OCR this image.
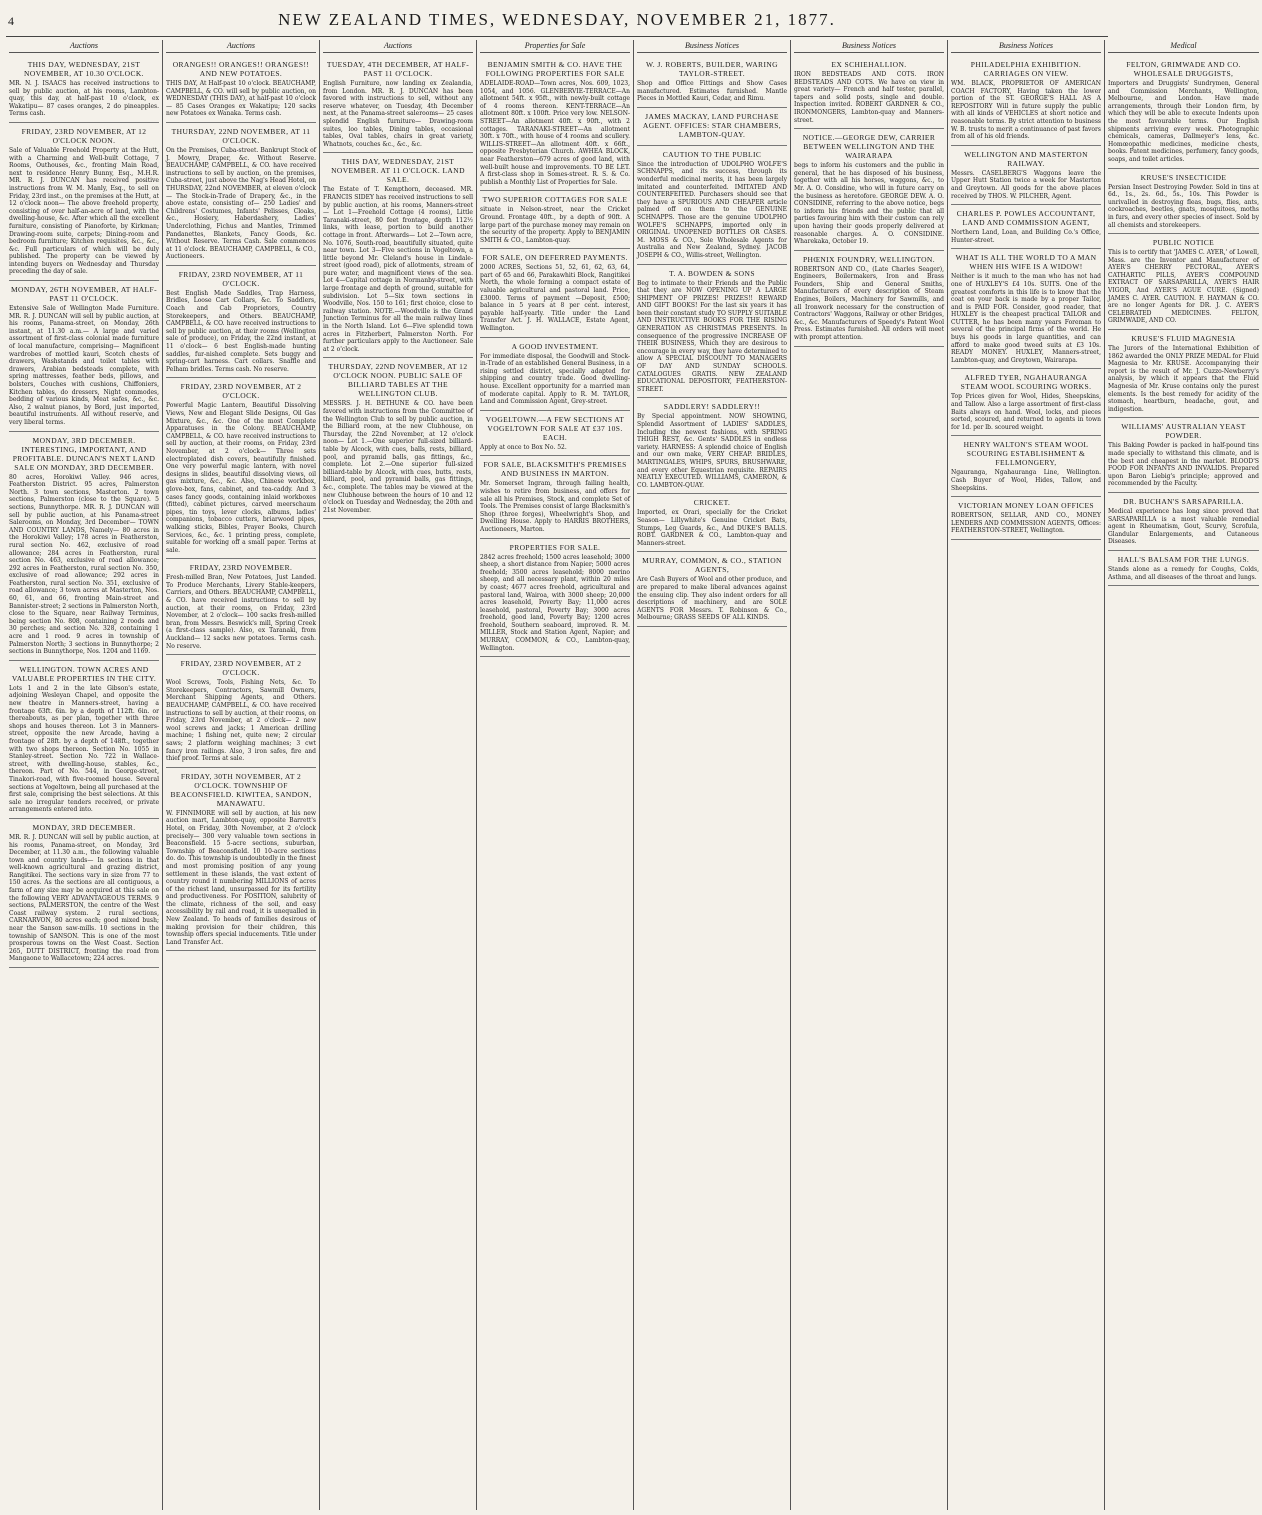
4	NEW ZEALAND TIMES, WEDNESDAY, NOVEMBER 21, 1877.
Auctions
THIS DAY, WEDNESDAY, 21ST NOVEMBER, AT 10.30 O'CLOCK.
MR. N. J. ISAACS has received instructions to sell by public auction, at his rooms, Lambton-quay, this day, at half-past 10 o'clock, ex Wakatipu— 87 cases oranges, 2 do pineapples. Terms cash.
FRIDAY, 23RD NOVEMBER, AT 12 O'CLOCK NOON.
Sale of Valuable Freehold Property at the Hutt, with a Charming and Well-built Cottage, 7 Rooms, Outhouses, &c., fronting Main Road, next to residence Henry Bunny, Esq., M.H.R. MR. R. J. DUNCAN has received positive instructions from W. M. Manly, Esq., to sell on Friday, 23rd inst., on the premises at the Hutt, at 12 o'clock noon— The above freehold property, consisting of over half-an-acre of land, with the dwelling-house, &c. After which all the excellent furniture, consisting of Pianoforte, by Kirkman; Drawing-room suite, carpets; Dining-room and bedroom furniture; Kitchen requisites, &c., &c., &c. Full particulars of which will be duly published. The property can be viewed by intending buyers on Wednesday and Thursday preceding the day of sale.
MONDAY, 26TH NOVEMBER, AT HALF-PAST 11 O'CLOCK.
Extensive Sale of Wellington Made Furniture. MR. R. J. DUNCAN will sell by public auction, at his rooms, Panama-street, on Monday, 26th instant, at 11.30 a.m.— A large and varied assortment of first-class colonial made furniture of local manufacture, comprising— Magnificent wardrobes of mottled kauri, Scotch chests of drawers, Washstands and toilet tables with drawers, Arabian bedsteads complete, with spring mattresses, feather beds, pillows, and bolsters, Couches with cushions, Chiffoniers, Kitchen tables, do dressers, Night commodes, bedding of various kinds, Meat safes, &c., &c. Also, 2 walnut pianos, by Bord, just imported, beautiful instruments. All without reserve, and very liberal terms.
MONDAY, 3RD DECEMBER. INTERESTING, IMPORTANT, AND PROFITABLE. DUNCAN'S NEXT LAND SALE ON MONDAY, 3RD DECEMBER.
80 acres, Horokiwi Valley. 946 acres, Featherston District. 95 acres, Palmerston North. 3 town sections, Masterton. 2 town sections, Palmerston (close to the Square). 5 sections, Bunnythorpe. MR. R. J. DUNCAN will sell by public auction, at his Panama-street Salerooms, on Monday, 3rd December— TOWN AND COUNTRY LANDS, Namely— 80 acres in the Horokiwi Valley; 178 acres in Featherston, rural section No. 462, exclusive of road allowance; 284 acres in Featherston, rural section No. 463, exclusive of road allowance; 292 acres in Featherston, rural section No. 350, exclusive of road allowance; 292 acres in Featherston, rural section No. 351, exclusive of road allowance; 3 town acres at Masterton, Nos. 60, 61, and 66, fronting Main-street and Bannister-street; 2 sections in Palmerston North, close to the Square, near Railway Terminus, being section No. 808, containing 2 roods and 30 perches; and section No. 328, containing 1 acre and 1 rood. 9 acres in township of Palmerston North; 3 sections in Bunnythorpe; 2 sections in Bunnythorpe, Nos. 1204 and 1169.
WELLINGTON. TOWN ACRES AND VALUABLE PROPERTIES IN THE CITY.
Lots 1 and 2 in the late Gibson's estate, adjoining Wesleyan Chapel, and opposite the new theatre in Manners-street, having a frontage 63ft. 6in. by a depth of 112ft. 6in. or thereabouts, as per plan, together with three shops and houses thereon. Lot 3 in Manners-street, opposite the new Arcade, having a frontage of 28ft. by a depth of 148ft., together with two shops thereon. Section No. 1055 in Stanley-street. Section No. 722 in Wallace-street, with dwelling-house, stables, &c., thereon. Part of No. 544, in George-street, Tinakori-road, with five-roomed house. Several sections at Vogeltown, being all purchased at the first sale, comprising the best selections. At this sale no irregular tenders received, or private arrangements entered into.
MONDAY, 3RD DECEMBER.
MR. R. J. DUNCAN will sell by public auction, at his rooms, Panama-street, on Monday, 3rd December, at 11.30 a.m., the following valuable town and country lands— In sections in that well-known agricultural and grazing district, Rangitikei. The sections vary in size from 77 to 150 acres. As the sections are all contiguous, a farm of any size may be acquired at this sale on the following VERY ADVANTAGEOUS TERMS. 9 sections, PALMERSTON, the centre of the West Coast railway system. 2 rural sections, CARNARVON, 80 acres each; good mixed bush; near the Sanson saw-mills. 10 sections in the township of SANSON. This is one of the most prosperous towns on the West Coast. Section 265, DUTT DISTRICT, fronting the road from Mangaone to Wallacetown; 224 acres.
Auctions
ORANGES!! ORANGES!! ORANGES!! AND NEW POTATOES.
THIS DAY, At Half-past 10 o'clock. BEAUCHAMP, CAMPBELL, & CO. will sell by public auction, on WEDNESDAY (THIS DAY), at half-past 10 o'clock— 85 Cases Oranges ex Wakatipu; 120 sacks new Potatoes ex Wanaka. Terms cash.
THURSDAY, 22ND NOVEMBER, AT 11 O'CLOCK.
On the Premises, Cuba-street. Bankrupt Stock of J. Mowry, Draper, &c. Without Reserve. BEAUCHAMP, CAMPBELL, & CO. have received instructions to sell by auction, on the premises, Cuba-street, just above the Nag's Head Hotel, on THURSDAY, 22nd NOVEMBER, at eleven o'clock— The Stock-in-Trade of Drapery, &c., in the above estate, consisting of— 250 Ladies' and Childrens' Costumes, Infants' Pelisses, Cloaks, &c., Hosiery, Haberdashery, Ladies' Underclothing, Fichus and Mantles, Trimmed Pandanettes, Blankets, Fancy Goods, &c. Without Reserve. Terms Cash. Sale commences at 11 o'clock. BEAUCHAMP, CAMPBELL, & CO., Auctioneers.
FRIDAY, 23RD NOVEMBER, AT 11 O'CLOCK.
Best English Made Saddles, Trap Harness, Bridles, Loose Cart Collars, &c. To Saddlers, Coach and Cab Proprietors, Country Storekeepers, and Others. BEAUCHAMP, CAMPBELL, & CO. have received instructions to sell by public auction, at their rooms (Wellington sale of produce), on Friday, the 22nd instant, at 11 o'clock— 6 best English-made hunting saddles, fur-nished complete. Sets buggy and spring-cart harness. Cart collars. Snaffle and Pelham bridles. Terms cash. No reserve.
FRIDAY, 23RD NOVEMBER, AT 2 O'CLOCK.
Powerful Magic Lantern, Beautiful Dissolving Views, New and Elegant Slide Designs, Oil Gas Mixture, &c., &c. One of the most Complete Apparatuses in the Colony. BEAUCHAMP, CAMPBELL, & CO. have received instructions to sell by auction, at their rooms, on Friday, 23rd November, at 2 o'clock— Three sets electroplated dish covers, beautifully finished. One very powerful magic lantern, with novel designs in slides, beautiful dissolving views, oil gas mixture, &c., &c. Also, Chinese workbox, glove-box, fans, cabinet, and tea-caddy. And 3 cases fancy goods, containing inlaid workboxes (fitted), cabinet pictures, carved meerschaum pipes, tin toys, lever clocks, albums, ladies' companions, tobacco cutters, briarwood pipes, walking sticks, Bibles, Prayer Books, Church Services, &c., &c. 1 printing press, complete, suitable for working off a small paper. Terms at sale.
FRIDAY, 23RD NOVEMBER.
Fresh-milled Bran, New Potatoes, Just Landed. To Produce Merchants, Livery Stable-keepers, Carriers, and Others. BEAUCHAMP, CAMPBELL, & CO. have received instructions to sell by auction, at their rooms, on Friday, 23rd November, at 2 o'clock— 100 sacks fresh-milled bran, from Messrs. Beswick's mill, Spring Creek (a first-class sample). Also, ex Taranaki, from Auckland— 12 sacks new potatoes. Terms cash. No reserve.
FRIDAY, 23RD NOVEMBER, AT 2 O'CLOCK.
Wool Screws, Tools, Fishing Nets, &c. To Storekeepers, Contractors, Sawmill Owners, Merchant Shipping Agents, and Others. BEAUCHAMP, CAMPBELL, & CO. have received instructions to sell by auction, at their rooms, on Friday, 23rd November, at 2 o'clock— 2 new wool screws and jacks; 1 American drilling machine; 1 fishing net, quite new; 2 circular saws; 2 platform weighing machines; 3 cwt fancy iron railings. Also, 3 iron safes, fire and thief proof. Terms at sale.
FRIDAY, 30TH NOVEMBER, AT 2 O'CLOCK. TOWNSHIP OF BEACONSFIELD. KIWITEA, SANDON, MANAWATU.
W. FINNIMORE will sell by auction, at his new auction mart, Lambton-quay, opposite Barrett's Hotel, on Friday, 30th November, at 2 o'clock precisely— 300 very valuable town sections in Beaconsfield. 15 5-acre sections, suburban, Township of Beaconsfield. 10 10-acre sections do. do. This township is undoubtedly in the finest and most promising position of any young settlement in these islands, the vast extent of country round it numbering MILLIONS of acres of the richest land, unsurpassed for its fertility and productiveness. For POSITION, salubrity of the climate, richness of the soil, and easy accessibility by rail and road, it is unequalled in New Zealand. To heads of families desirous of making provision for their children, this township offers special inducements. Title under Land Transfer Act.
Auctions
TUESDAY, 4TH DECEMBER, AT HALF-PAST 11 O'CLOCK.
English Furniture, now landing ex Zealandia, from London. MR. R. J. DUNCAN has been favored with instructions to sell, without any reserve whatever, on Tuesday, 4th December next, at the Panama-street salerooms— 25 cases splendid English furniture— Drawing-room suites, loo tables, Dining tables, occasional tables, Oval tables, chairs in great variety, Whatnots, couches &c., &c., &c.
THIS DAY, WEDNESDAY, 21ST NOVEMBER. AT 11 O'CLOCK. LAND SALE.
The Estate of T. Kempthorn, deceased. MR. FRANCIS SIDEY has received instructions to sell by public auction, at his rooms, Manners-street— Lot 1—Freehold Cottage (4 rooms), Little Taranaki-street, 80 feet frontage, depth 112½ links, with lease, portion to build another cottage in front. Afterwards— Lot 2—Town acre, No. 1076, South-road, beautifully situated, quite near town. Lot 3—Five sections in Vogeltown, a little beyond Mr. Cleland's house in Lindale-street (good road), pick of allotments, stream of pure water, and magnificent views of the sea. Lot 4—Capital cottage in Normanby-street, with large frontage and depth of ground, suitable for subdivision. Lot 5—Six town sections in Woodville, Nos. 150 to 161; first choice, close to railway station. NOTE.—Woodville is the Grand Junction Terminus for all the main railway lines in the North Island. Lot 6—Five splendid town acres in Fitzherbert, Palmerston North. For further particulars apply to the Auctioneer. Sale at 2 o'clock.
THURSDAY, 22ND NOVEMBER, AT 12 O'CLOCK NOON. PUBLIC SALE OF BILLIARD TABLES AT THE WELLINGTON CLUB.
MESSRS. J. H. BETHUNE & CO. have been favored with instructions from the Committee of the Wellington Club to sell by public auction, in the Billiard room, at the new Clubhouse, on Thursday, the 22nd November, at 12 o'clock noon— Lot 1.—One superior full-sized billiard-table by Alcock, with cues, balls, rests, billiard, pool, and pyramid balls, gas fittings, &c., complete. Lot 2.—One superior full-sized billiard-table by Alcock, with cues, butts, rests, billiard, pool, and pyramid balls, gas fittings, &c., complete. The tables may be viewed at the new Clubhouse between the hours of 10 and 12 o'clock on Tuesday and Wednesday, the 20th and 21st November.
Properties for Sale
BENJAMIN SMITH & CO. HAVE THE FOLLOWING PROPERTIES FOR SALE
ADELAIDE-ROAD—Town acres, Nos. 609, 1023, 1054, and 1056. GLENBERVIE-TERRACE—An allotment 54ft. x 95ft., with newly-built cottage of 4 rooms thereon. KENT-TERRACE—An allotment 80ft. x 100ft. Price very low. NELSON-STREET—An allotment 40ft. x 90ft., with 2 cottages. TARANAKI-STREET—An allotment 30ft. x 70ft., with house of 4 rooms and scullery. WILLIS-STREET—An allotment 40ft. x 66ft., opposite Presbyterian Church. AWHEA BLOCK, near Featherston—679 acres of good land, with well-built house and improvements. TO BE LET. A first-class shop in Somes-street. R. S. & Co. publish a Monthly List of Properties for Sale.
TWO SUPERIOR COTTAGES FOR SALE
situate in Nelson-street, near the Cricket Ground. Frontage 40ft., by a depth of 90ft. A large part of the purchase money may remain on the security of the property. Apply to BENJAMIN SMITH & CO., Lambton-quay.
FOR SALE, ON DEFERRED PAYMENTS.
2000 ACRES, Sections 51, 52, 61, 62, 63, 64, part of 65 and 66, Parakawhiti Block, Rangitikei North, the whole forming a compact estate of valuable agricultural and pastoral land. Price, £3000. Terms of payment —Deposit, £500; balance in 5 years at 8 per cent. interest, payable half-yearly. Title under the Land Transfer Act. J. H. WALLACE, Estate Agent, Wellington.
A GOOD INVESTMENT.
For immediate disposal, the Goodwill and Stock-in-Trade of an established General Business, in a rising settled district, specially adapted for shipping and country trade. Good dwelling-house. Excellent opportunity for a married man of moderate capital. Apply to R. M. TAYLOR, Land and Commission Agent, Grey-street.
VOGELTOWN.—A FEW SECTIONS AT VOGELTOWN FOR SALE AT £37 10S. EACH.
Apply at once to Box No. 52.
FOR SALE, BLACKSMITH'S PREMISES AND BUSINESS IN MARTON.
Mr. Somerset Ingram, through failing health, wishes to retire from business, and offers for sale all his Premises, Stock, and complete Set of Tools. The Premises consist of large Blacksmith's Shop (three forges), Wheelwright's Shop, and Dwelling House. Apply to HARRIS BROTHERS, Auctioneers, Marton.
PROPERTIES FOR SALE.
2842 acres freehold; 1500 acres leasehold; 3000 sheep, a short distance from Napier; 5000 acres freehold; 3500 acres leasehold; 8000 merino sheep, and all necessary plant, within 20 miles by coast; 4677 acres freehold, agricultural and pastoral land, Wairoa, with 3000 sheep; 20,000 acres leasehold, Poverty Bay; 11,000 acres leasehold, pastoral, Poverty Bay; 3000 acres freehold, good land, Poverty Bay; 1200 acres freehold, Southern seaboard, improved. R. M. MILLER, Stock and Station Agent, Napier; and MURRAY, COMMON, & CO., Lambton-quay, Wellington.
Business Notices
W. J. ROBERTS, BUILDER, WARING TAYLOR-STREET.
Shop and Office Fittings and Show Cases manufactured. Estimates furnished. Mantle Pieces in Mottled Kauri, Cedar, and Rimu.
JAMES MACKAY, LAND PURCHASE AGENT. OFFICES: STAR CHAMBERS, LAMBTON-QUAY.
CAUTION TO THE PUBLIC
Since the introduction of UDOLPHO WOLFE'S SCHNAPPS, and its success, through its wonderful medicinal merits, it has been largely imitated and counterfeited. IMITATED AND COUNTERFEITED. Purchasers should see that they have a SPURIOUS AND CHEAPER article palmed off on them to the GENUINE SCHNAPPS. Those are the genuine UDOLPHO WOLFE'S SCHNAPPS, imported only in ORIGINAL UNOPENED BOTTLES OR CASES. M. MOSS & CO., Sole Wholesale Agents for Australia and New Zealand, Sydney. JACOB JOSEPH & CO., Willis-street, Wellington.
T. A. BOWDEN & SONS
Beg to intimate to their Friends and the Public that they are NOW OPENING UP A LARGE SHIPMENT OF PRIZES! PRIZES!! REWARD AND GIFT BOOKS! For the last six years it has been their constant study TO SUPPLY SUITABLE AND INSTRUCTIVE BOOKS FOR THE RISING GENERATION AS CHRISTMAS PRESENTS. In consequence of the progressive INCREASE OF THEIR BUSINESS, Which they are desirous to encourage in every way, they have determined to allow A SPECIAL DISCOUNT TO MANAGERS OF DAY AND SUNDAY SCHOOLS. CATALOGUES GRATIS. NEW ZEALAND EDUCATIONAL DEPOSITORY, FEATHERSTON-STREET.
SADDLERY! SADDLERY!!
By Special appointment. NOW SHOWING, Splendid Assortment of LADIES' SADDLES, Including the newest fashions, with SPRING THIGH REST, &c. Gents' SADDLES in endless variety. HARNESS: A splendid choice of English and our own make, VERY CHEAP. BRIDLES, MARTINGALES, WHIPS, SPURS, BRUSHWARE, and every other Equestrian requisite. REPAIRS NEATLY EXECUTED. WILLIAMS, CAMERON, & CO. LAMBTON-QUAY.
CRICKET.
Imported, ex Orari, specially for the Cricket Season— Lillywhite's Genuine Cricket Bats, Stumps, Leg Guards, &c., And DUKE'S BALLS. ROBT. GARDNER & CO., Lambton-quay and Manners-street.
MURRAY, COMMON, & CO., STATION AGENTS,
Are Cash Buyers of Wool and other produce, and are prepared to make liberal advances against the ensuing clip. They also indent orders for all descriptions of machinery, and are SOLE AGENTS FOR Messrs. T. Robinson & Co., Melbourne; GRASS SEEDS OF ALL KINDS.
Business Notices
EX SCHIEHALLION.
IRON BEDSTEADS AND COTS. IRON BEDSTEADS AND COTS. We have on view in great variety— French and half tester, parallel, tapers and solid posts, single and double. Inspection invited. ROBERT GARDNER & CO., IRONMONGERS, Lambton-quay and Manners-street.
NOTICE.—GEORGE DEW, CARRIER BETWEEN WELLINGTON AND THE WAIRARAPA
begs to inform his customers and the public in general, that he has disposed of his business, together with all his horses, waggons, &c., to Mr. A. O. Considine, who will in future carry on the business as heretofore. GEORGE DEW. A. O. CONSIDINE, referring to the above notice, begs to inform his friends and the public that all parties favouring him with their custom can rely upon having their goods properly delivered at reasonable charges. A. O. CONSIDINE. Wharekaka, October 19.
PHŒNIX FOUNDRY, WELLINGTON.
ROBERTSON AND CO., (Late Charles Seager), Engineers, Boilermakers, Iron and Brass Founders, Ship and General Smiths, Manufacturers of every description of Steam Engines, Boilers, Machinery for Sawmills, and all Ironwork necessary for the construction of Contractors' Waggons, Railway or other Bridges, &c., &c. Manufacturers of Speedy's Patent Wool Press. Estimates furnished. All orders will meet with prompt attention.
Business Notices
PHILADELPHIA EXHIBITION. CARRIAGES ON VIEW.
WM. BLACK, PROPRIETOR OF AMERICAN COACH FACTORY, Having taken the lower portion of the ST. GEORGE'S HALL AS A REPOSITORY Will in future supply the public with all kinds of VEHICLES at short notice and reasonable terms. By strict attention to business W. B. trusts to merit a continuance of past favors from all of his old friends.
WELLINGTON AND MASTERTON RAILWAY.
Messrs. CASELBERG'S Waggons leave the Upper Hutt Station twice a week for Masterton and Greytown. All goods for the above places received by THOS. W. PILCHER, Agent.
CHARLES P. POWLES ACCOUNTANT, LAND AND COMMISSION AGENT,
Northern Land, Loan, and Building Co.'s Office, Hunter-street.
WHAT IS ALL THE WORLD TO A MAN WHEN HIS WIFE IS A WIDOW!
Neither is it much to the man who has not had one of HUXLEY'S £4 10s. SUITS. One of the greatest comforts in this life is to know that the coat on your back is made by a proper Tailor, and is PAID FOR. Consider, good reader, that HUXLEY is the cheapest practical TAILOR and CUTTER, he has been many years Foreman to several of the principal firms of the world. He buys his goods in large quantities, and can afford to make good tweed suits at £3 10s. READY MONEY. HUXLEY, Manners-street, Lambton-quay, and Greytown, Wairarapa.
ALFRED TYER, NGAHAURANGA STEAM WOOL SCOURING WORKS.
Top Prices given for Wool, Hides, Sheepskins, and Tallow. Also a large assortment of first-class Baits always on hand. Wool, locks, and pieces sorted, scoured, and returned to agents in town for 1d. per lb. scoured weight.
HENRY WALTON'S STEAM WOOL SCOURING ESTABLISHMENT & FELLMONGERY,
Ngauranga, Ngahauranga Line, Wellington. Cash Buyer of Wool, Hides, Tallow, and Sheepskins.
VICTORIAN MONEY LOAN OFFICES
ROBERTSON, SELLAR, AND CO., MONEY LENDERS AND COMMISSION AGENTS, Offices: FEATHERSTON-STREET, Wellington.
Medical
FELTON, GRIMWADE AND CO. WHOLESALE DRUGGISTS,
Importers and Druggists' Sundrymen, General and Commission Merchants, Wellington, Melbourne, and London. Have made arrangements, through their London firm, by which they will be able to execute Indents upon the most favourable terms. Our English shipments arriving every week. Photographic chemicals, cameras, Dallmeyer's lens, &c. Homœopathic medicines, medicine chests, books. Patent medicines, perfumery, fancy goods, soaps, and toilet articles.
KRUSE'S INSECTICIDE
Persian Insect Destroying Powder. Sold in tins at 6d., 1s., 2s. 6d., 5s., 10s. This Powder is unrivalled in destroying fleas, bugs, flies, ants, cockroaches, beetles, gnats, mosquitoes, moths in furs, and every other species of insect. Sold by all chemists and storekeepers.
PUBLIC NOTICE
This is to certify that 'JAMES C. AYER,' of Lowell, Mass. are the Inventor and Manufacturer of AYER'S CHERRY PECTORAL, AYER'S CATHARTIC PILLS, AYER'S COMPOUND EXTRACT OF SARSAPARILLA, AYER'S HAIR VIGOR, And AYER'S AGUE CURE. (Signed) JAMES C. AYER. CAUTION. F. HAYMAN & CO. are no longer Agents for DR. J. C. AYER'S CELEBRATED MEDICINES. FELTON, GRIMWADE, AND CO.
KRUSE'S FLUID MAGNESIA
The Jurors of the International Exhibition of 1862 awarded the ONLY PRIZE MEDAL for Fluid Magnesia to Mr. KRUSE. Accompanying their report is the result of Mr. J. Cuzzo-Newberry's analysis, by which it appears that the Fluid Magnesia of Mr. Kruse contains only the purest elements. Is the best remedy for acidity of the stomach, heartburn, headache, gout, and indigestion.
WILLIAMS' AUSTRALIAN YEAST POWDER.
This Baking Powder is packed in half-pound tins made specially to withstand this climate, and is the best and cheapest in the market. BLOOD'S FOOD FOR INFANTS AND INVALIDS. Prepared upon Baron Liebig's principle; approved and recommended by the Faculty.
DR. BUCHAN'S SARSAPARILLA.
Medical experience has long since proved that SARSAPARILLA is a most valuable remedial agent in Rheumatism, Gout, Scurvy, Scrofula, Glandular Enlargements, and Cutaneous Diseases.
HALL'S BALSAM FOR THE LUNGS.
Stands alone as a remedy for Coughs, Colds, Asthma, and all diseases of the throat and lungs.
